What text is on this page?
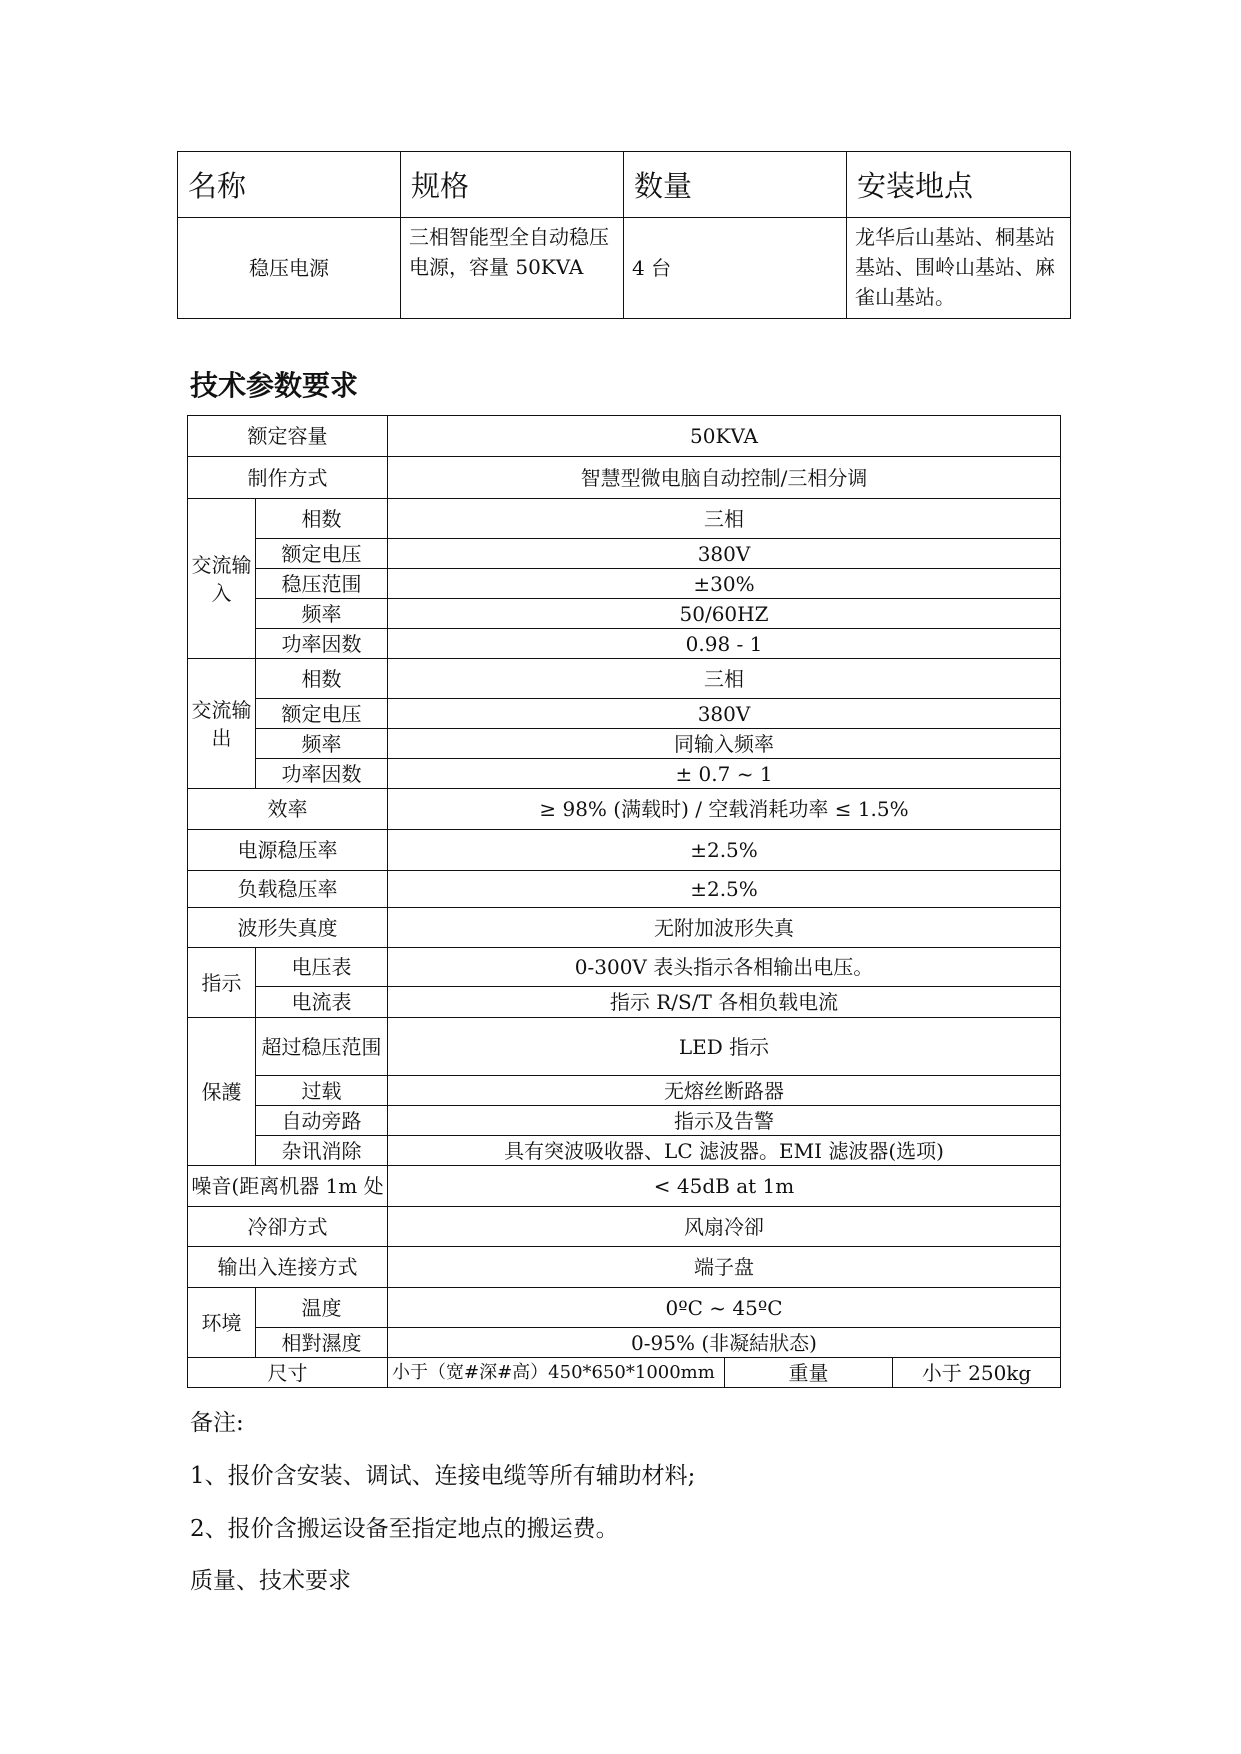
名称	规格	数量	安装地点
稳压电源	三相智能型全自动稳压电源，容量 50KVA	4 台	龙华后山基站、桐基站基站、围岭山基站、麻雀山基站。
技术参数要求
额定容量		50KVA		
制作方式		智慧型微电脑自动控制/三相分调		
交流输入	相数	三相		
	额定电压	380V		
	稳压范围	±30%		
	频率	50/60HZ		
	功率因数	0.98 - 1		
交流输出	相数	三相		
	额定电压	380V		
	频率	同输入频率		
	功率因数	± 0.7 ~ 1		
效率		≥ 98% (满载时) / 空载消耗功率 ≤ 1.5%		
电源稳压率		±2.5%		
负载稳压率		±2.5%		
波形失真度		无附加波形失真		
指示	电压表	0-300V 表头指示各相输出电压。		
	电流表	指示 R/S/T 各相负载电流		
保護	超过稳压范围	LED 指示		
	过载	无熔丝断路器		
	自动旁路	指示及告警		
	杂讯消除	具有突波吸收器、LC 滤波器。EMI 滤波器(选项)		
噪音(距离机器 1m 处		< 45dB at 1m		
冷卻方式		风扇冷卻		
输出入连接方式		端子盘		
环境	温度	0ºC ~ 45ºC		
	相對濕度	0-95% (非凝結狀态)		
尺寸		小于（宽#深#高）450*650*1000mm	重量	小于 250kg
备注:
1、报价含安装、调试、连接电缆等所有辅助材料;
2、报价含搬运设备至指定地点的搬运费。
质量、技术要求
